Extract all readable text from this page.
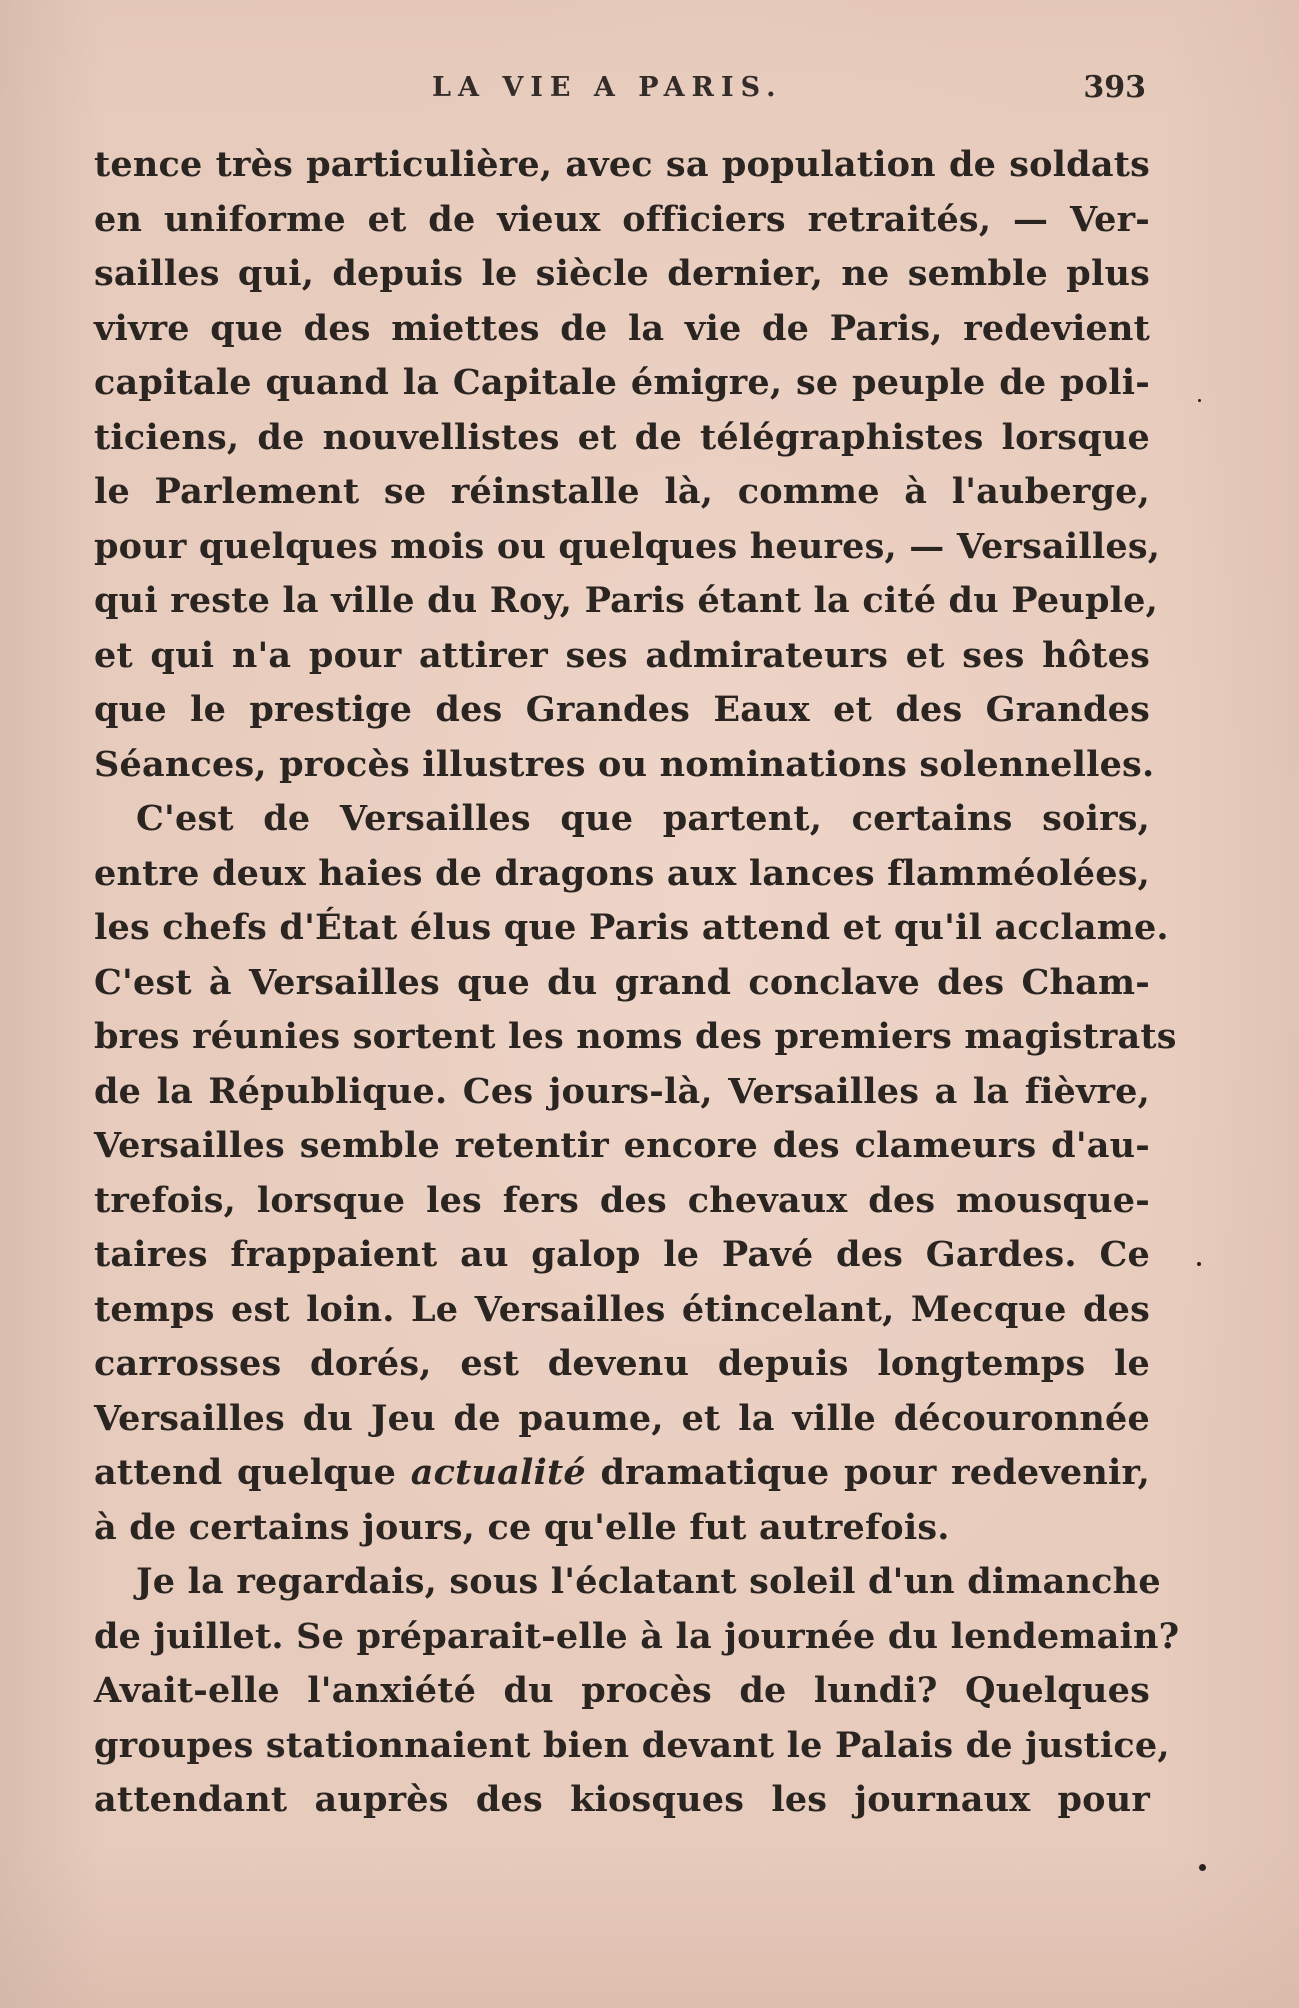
LA VIE A PARIS.	393
tence très particulière, avec sa population de soldats
en uniforme et de vieux officiers retraités, — Ver-
sailles qui, depuis le siècle dernier, ne semble plus
vivre que des miettes de la vie de Paris, redevient
capitale quand la Capitale émigre, se peuple de poli-
ticiens, de nouvellistes et de télégraphistes lorsque
le Parlement se réinstalle là, comme à l'auberge,
pour quelques mois ou quelques heures, — Versailles,
qui reste la ville du Roy, Paris étant la cité du Peuple,
et qui n'a pour attirer ses admirateurs et ses hôtes
que le prestige des Grandes Eaux et des Grandes
Séances, procès illustres ou nominations solennelles.
C'est de Versailles que partent, certains soirs,
entre deux haies de dragons aux lances flamméolées,
les chefs d'État élus que Paris attend et qu'il acclame.
C'est à Versailles que du grand conclave des Cham-
bres réunies sortent les noms des premiers magistrats
de la République. Ces jours-là, Versailles a la fièvre,
Versailles semble retentir encore des clameurs d'au-
trefois, lorsque les fers des chevaux des mousque-
taires frappaient au galop le Pavé des Gardes. Ce
temps est loin. Le Versailles étincelant, Mecque des
carrosses dorés, est devenu depuis longtemps le
Versailles du Jeu de paume, et la ville découronnée
attend quelque actualité dramatique pour redevenir,
à de certains jours, ce qu'elle fut autrefois.
Je la regardais, sous l'éclatant soleil d'un dimanche
de juillet. Se préparait-elle à la journée du lendemain?
Avait-elle l'anxiété du procès de lundi? Quelques
groupes stationnaient bien devant le Palais de justice,
attendant auprès des kiosques les journaux pour
